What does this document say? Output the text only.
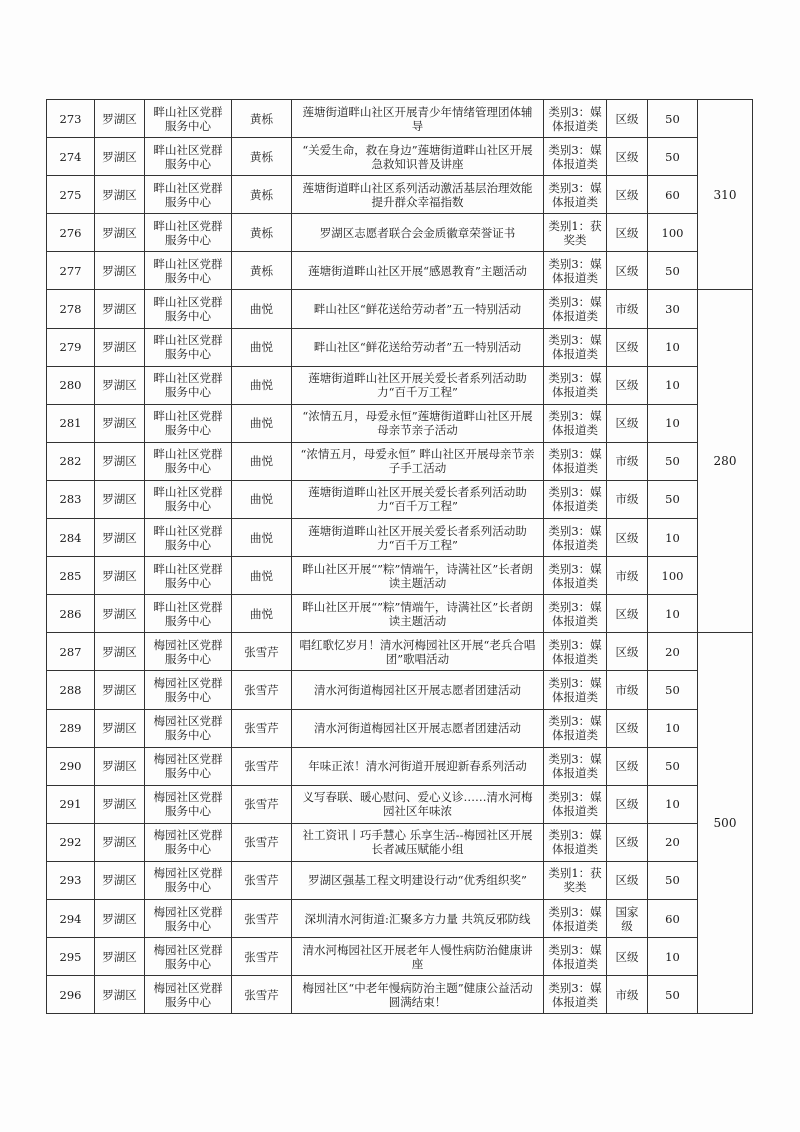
273	罗湖区	畔山社区党群服务中心	黄栎	莲塘街道畔山社区开展青少年情绪管理团体辅导	类别3：媒体报道类	区级	50	310
274	罗湖区	畔山社区党群服务中心	黄栎	“关爱生命，救在身边”莲塘街道畔山社区开展急救知识普及讲座	类别3：媒体报道类	区级	50	
275	罗湖区	畔山社区党群服务中心	黄栎	莲塘街道畔山社区系列活动激活基层治理效能提升群众幸福指数	类别3：媒体报道类	区级	60	
276	罗湖区	畔山社区党群服务中心	黄栎	罗湖区志愿者联合会金质徽章荣誉证书	类别1：获奖类	区级	100	
277	罗湖区	畔山社区党群服务中心	黄栎	莲塘街道畔山社区开展“感恩教育”主题活动	类别3：媒体报道类	区级	50	
278	罗湖区	畔山社区党群服务中心	曲悦	畔山社区“鲜花送给劳动者”五一特别活动	类别3：媒体报道类	市级	30	280
279	罗湖区	畔山社区党群服务中心	曲悦	畔山社区“鲜花送给劳动者”五一特别活动	类别3：媒体报道类	区级	10	
280	罗湖区	畔山社区党群服务中心	曲悦	莲塘街道畔山社区开展关爱长者系列活动助力“百千万工程”	类别3：媒体报道类	区级	10	
281	罗湖区	畔山社区党群服务中心	曲悦	“浓情五月，母爱永恒”莲塘街道畔山社区开展母亲节亲子活动	类别3：媒体报道类	区级	10	
282	罗湖区	畔山社区党群服务中心	曲悦	“浓情五月，母爱永恒” 畔山社区开展母亲节亲子手工活动	类别3：媒体报道类	市级	50	
283	罗湖区	畔山社区党群服务中心	曲悦	莲塘街道畔山社区开展关爱长者系列活动助力“百千万工程”	类别3：媒体报道类	市级	50	
284	罗湖区	畔山社区党群服务中心	曲悦	莲塘街道畔山社区开展关爱长者系列活动助力“百千万工程”	类别3：媒体报道类	区级	10	
285	罗湖区	畔山社区党群服务中心	曲悦	畔山社区开展“”粽”情端午，诗满社区”长者朗读主题活动	类别3：媒体报道类	市级	100	
286	罗湖区	畔山社区党群服务中心	曲悦	畔山社区开展“”粽”情端午，诗满社区”长者朗读主题活动	类别3：媒体报道类	区级	10	
287	罗湖区	梅园社区党群服务中心	张雪芹	唱红歌忆岁月！清水河梅园社区开展“老兵合唱团”歌唱活动	类别3：媒体报道类	区级	20	500
288	罗湖区	梅园社区党群服务中心	张雪芹	清水河街道梅园社区开展志愿者团建活动	类别3：媒体报道类	市级	50	
289	罗湖区	梅园社区党群服务中心	张雪芹	清水河街道梅园社区开展志愿者团建活动	类别3：媒体报道类	区级	10	
290	罗湖区	梅园社区党群服务中心	张雪芹	年味正浓！清水河街道开展迎新春系列活动	类别3：媒体报道类	区级	50	
291	罗湖区	梅园社区党群服务中心	张雪芹	义写春联、暖心慰问、爱心义诊……清水河梅园社区年味浓	类别3：媒体报道类	区级	10	
292	罗湖区	梅园社区党群服务中心	张雪芹	社工资讯丨巧手慧心 乐享生活--梅园社区开展长者减压赋能小组	类别3：媒体报道类	区级	20	
293	罗湖区	梅园社区党群服务中心	张雪芹	罗湖区强基工程文明建设行动“优秀组织奖”	类别1：获奖类	区级	50	
294	罗湖区	梅园社区党群服务中心	张雪芹	深圳清水河街道:汇聚多方力量 共筑反邪防线	类别3：媒体报道类	国家级	60	
295	罗湖区	梅园社区党群服务中心	张雪芹	清水河梅园社区开展老年人慢性病防治健康讲座	类别3：媒体报道类	区级	10	
296	罗湖区	梅园社区党群服务中心	张雪芹	梅园社区“中老年慢病防治主题”健康公益活动圆满结束！	类别3：媒体报道类	市级	50	
